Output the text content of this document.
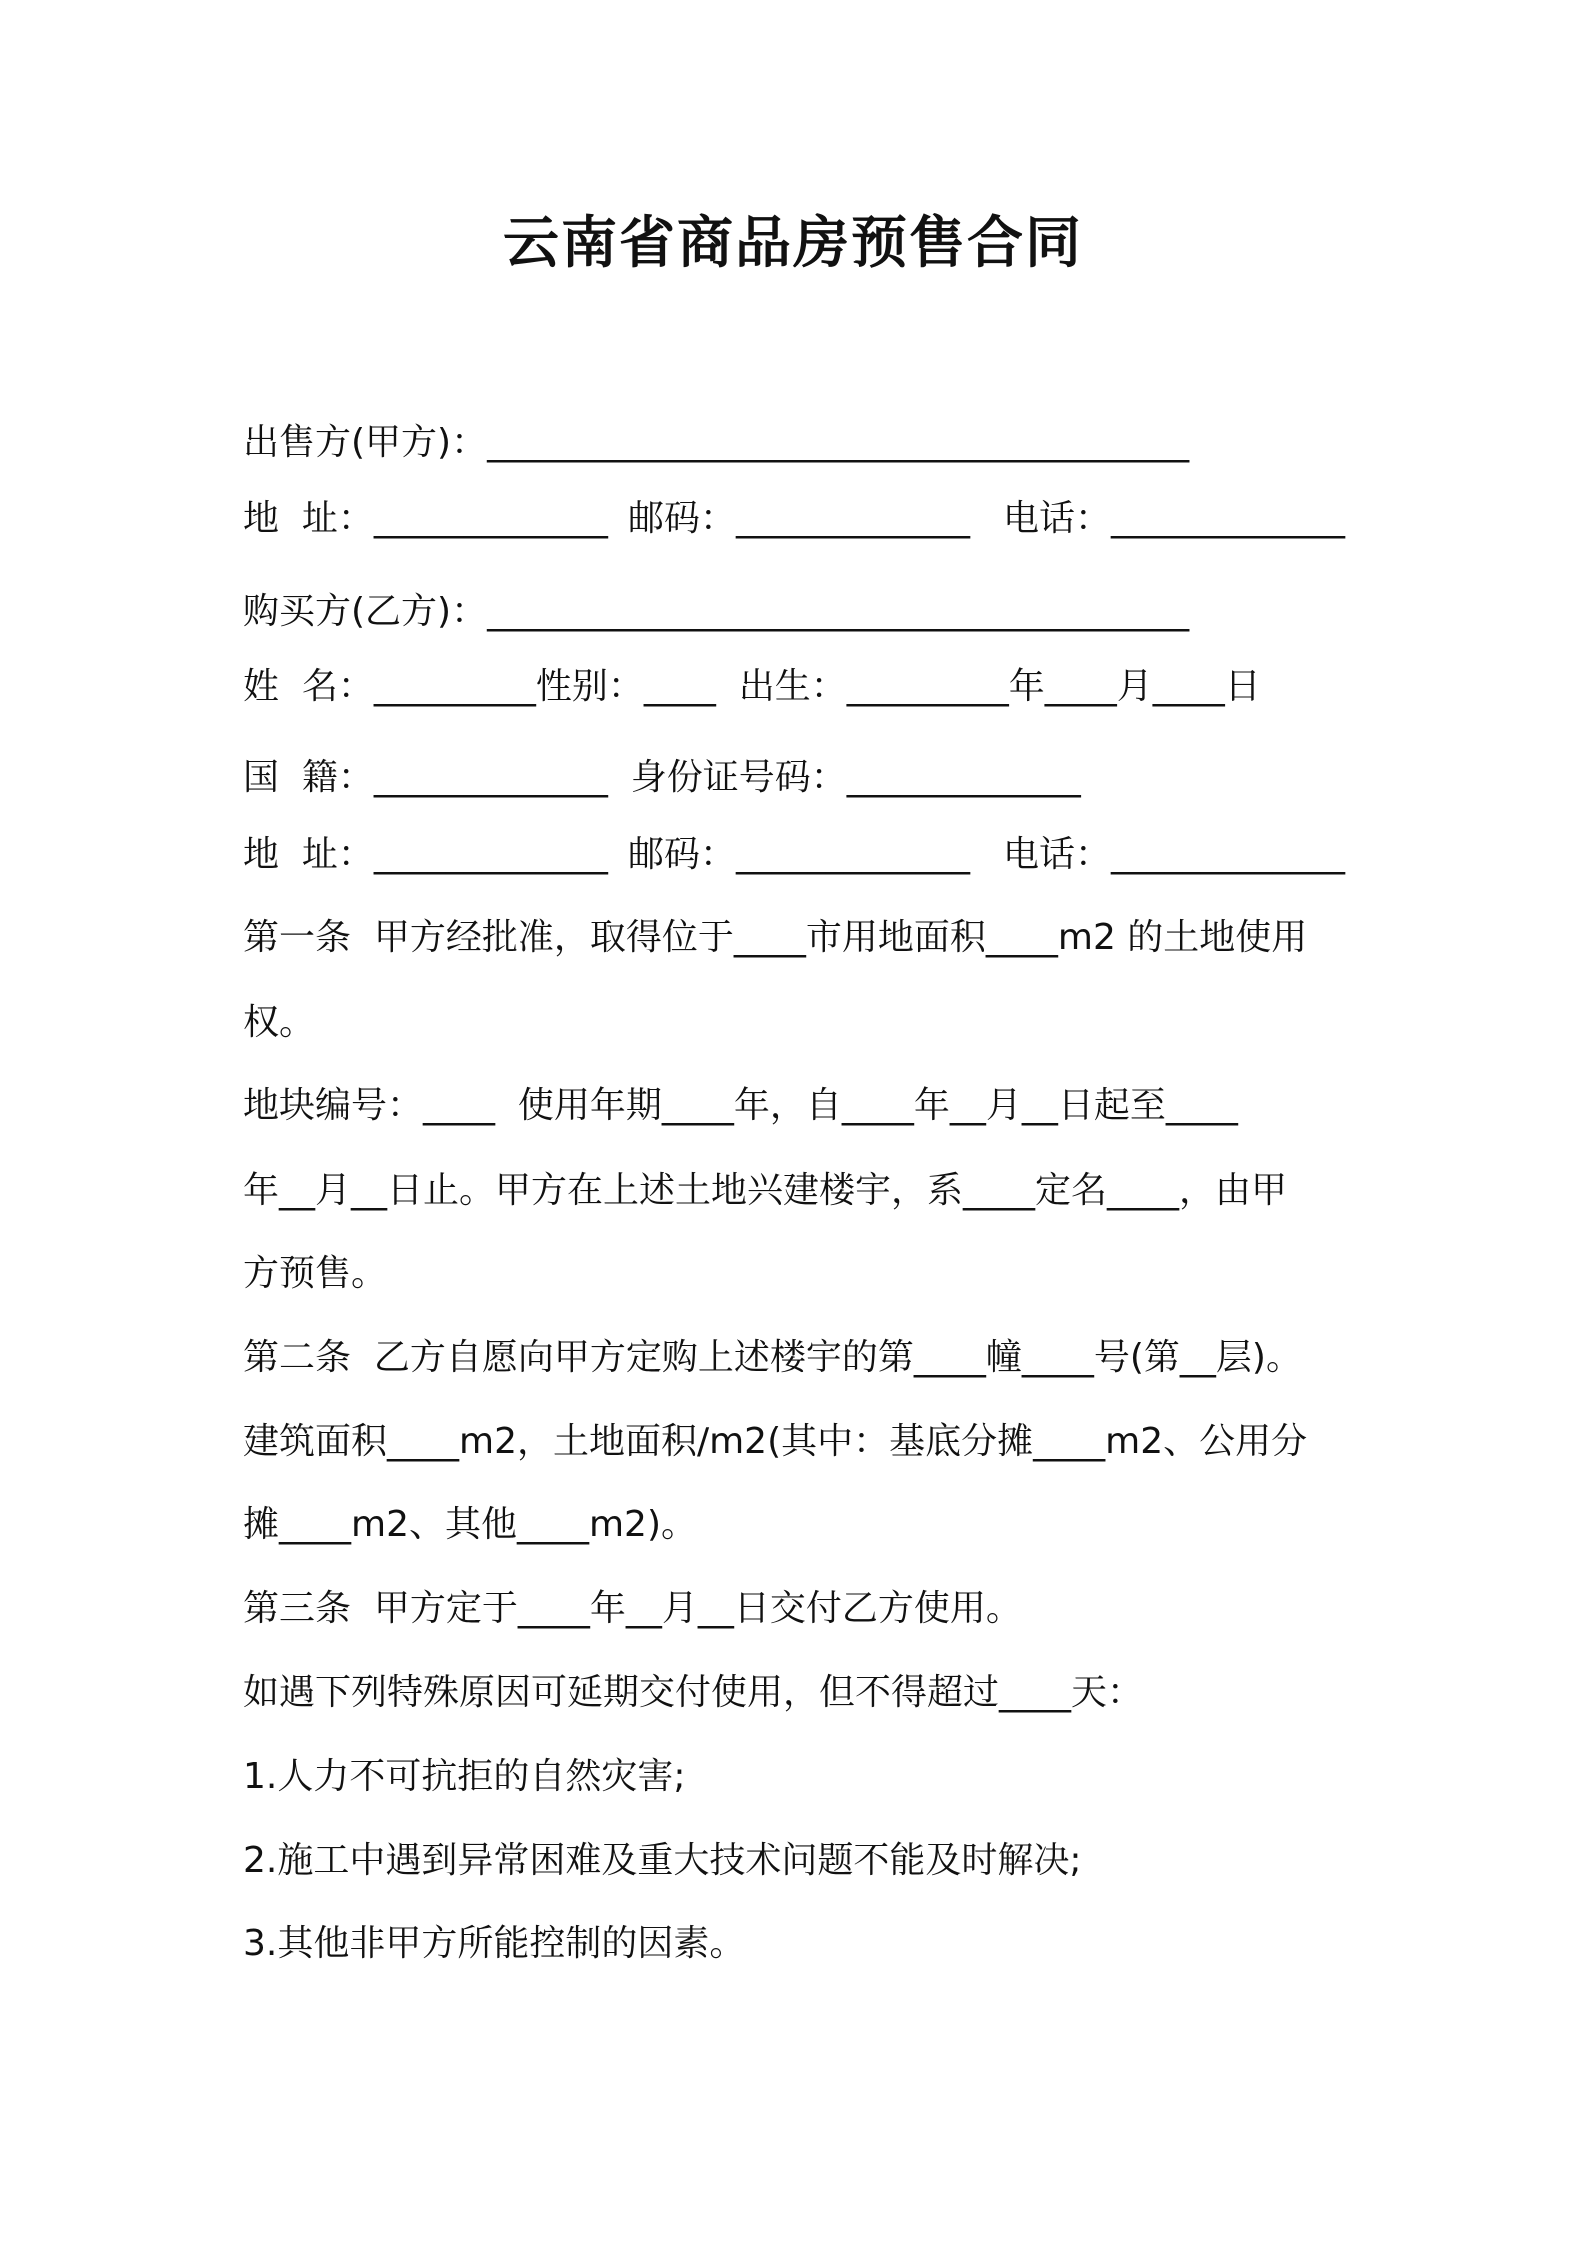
云南省商品房预售合同
出售方(甲方)：_______________________________________
地  址：_____________ 邮码：_____________ 电话：_____________
购买方(乙方)：_______________________________________
姓  名：_________性别：____  出生：_________年____月____日
国  籍：_____________  身份证号码：_____________
地  址：_____________ 邮码：_____________ 电话：_____________
第一条  甲方经批准，取得位于____市用地面积____m2 的土地使用
权。
地块编号：____  使用年期____年，自____年__月__日起至____
年__月__日止。甲方在上述土地兴建楼宇，系____定名____，由甲
方预售。
第二条  乙方自愿向甲方定购上述楼宇的第____幢____号(第__层)。
建筑面积____m2，土地面积/m2(其中：基底分摊____m2、公用分
摊____m2、其他____m2)。
第三条  甲方定于____年__月__日交付乙方使用。
如遇下列特殊原因可延期交付使用，但不得超过____天：
1.人力不可抗拒的自然灾害;
2.施工中遇到异常困难及重大技术问题不能及时解决;
3.其他非甲方所能控制的因素。
